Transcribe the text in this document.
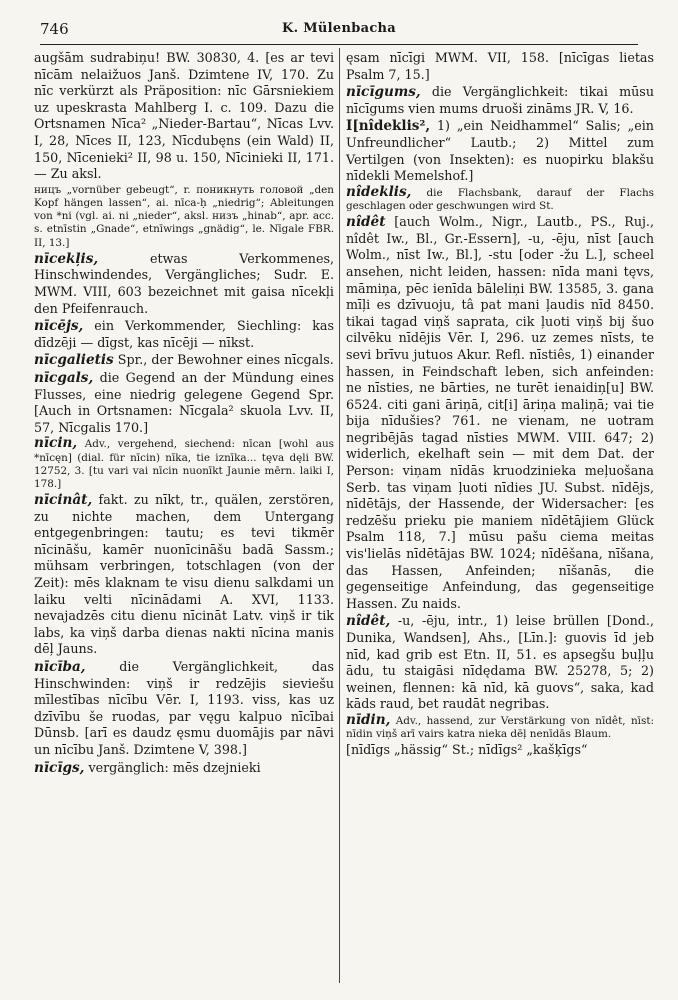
746	K. Mülenbacha

augšām sudrabiņu! BW. 30830, 4. [es ar tevi nīcām nelaižuos Janš. Dzimtene IV, 170. Zu nīc verkürzt als Präposition: nīc Gārsniekiem uz upeskrasta Mahlberg I. c. 109. Dazu die Ortsnamen Nīca² „Nieder-Bartau“, Nīcas Lvv. I, 28, Nīces II, 123, Nīcdubęns (ein Wald) II, 150, Nīcenieki² II, 98 u. 150, Nīcinieki II, 171. — Zu aksl.

ницъ „vornüber gebeugt“, r. поникнуть головой „den Kopf hängen lassen“, ai. nīca-ḥ „niedrig“; Ableitungen von *ni (vgl. ai. ni „nieder“, aksl. низъ „hinab“, apr. acc. s. etnīstin „Gnade“, etnīwings „gnädig“, le. Nīgale FBR. II, 13.]

nīcekļis,	etwas Verkommenes, Hinschwindendes, Vergängliches; Sudr. E. MWM. VIII, 603 bezeichnet mit gaisa nīcekļi den Pfeifenrauch.

nīcējs, ein Verkommender, Siechling: kas dīdzēji — dīgst, kas nīcēji — nīkst.

nīcgalietis Spr., der Bewohner eines nīcgals.

nīcgals, die Gegend an der Mündung eines Flusses, eine niedrig gelegene Gegend Spr. [Auch in Ortsnamen: Nīcgala² skuola Lvv. II, 57, Nīcgalis 170.]

nīcin, Adv., vergehend, siechend: nīcan [wohl aus *nīcęn] (dial. für nīcin) nīka, tie iznīka... tęva dęli BW. 12752, 3. [tu vari vai nīcin nuonīkt Jaunie mērn. laiki I, 178.]

nīcinât, fakt. zu nīkt, tr., quälen, zerstören, zu nichte machen, dem Untergang entgegenbringen: tautu; es tevi tikmēr nīcināšu, kamēr nuonīcināšu badā Sassm.; mühsam verbringen, totschlagen (von der Zeit): mēs klaknam te visu dienu salkdami un laiku velti nīcinādami A. XVI, 1133. nevajadzēs citu dienu nīcināt Latv. viņš ir tik labs, ka viņš darba dienas nakti nīcina manis dēļ Jauns.

nīcība,	die Vergänglichkeit, das Hinschwinden: viņš ir redzējis sieviešu mīlestības nīcību Vēr. I, 1193. viss, kas uz dzīvību še ruodas, par vęgu kalpuo nīcībai Dūnsb. [arī es daudz ęsmu duomājis par nāvi un nīcību Janš. Dzimtene V, 398.]

nīcīgs, vergänglich: mēs dzejnieki

ęsam nīcīgi MWM. VII, 158. [nīcīgas lietas Psalm 7, 15.]

nīcīgums, die Vergänglichkeit: tikai mūsu nīcīgums vien mums druoši zināms JR. V, 16.

I[nîdeklis², 1) „ein Neidhammel“ Salis; „ein Unfreundlicher“ Lautb.; 2) Mittel zum Vertilgen (von Insekten): es nuopirku blakšu nīdekli Memelshof.]

nîdeklis, die Flachsbank, darauf der Flachs geschlagen oder geschwungen wird St.

nîdêt [auch Wolm., Nigr., Lautb., PS., Ruj., nîdêt Iw., Bl., Gr.-Essern], -u, -ēju, nīst [auch Wolm., nīst Iw., Bl.], -stu [oder -žu L.], scheel ansehen, nicht leiden, hassen: nīda mani tęvs, māmiņa, pēc ienīda bāleliņi BW. 13585, 3. gana mīļi es dzīvuoju, tâ pat mani ļaudis nīd 8450. tikai tagad viņš saprata, cik ļuoti viņš bij šuo cilvēku nīdējis Vēr. I, 296. uz zemes nīsts, te sevi brīvu jutuos Akur. Refl. nīstiês, 1) einander hassen, in Feindschaft leben, sich anfeinden: ne nīsties, ne bārties, ne turēt ienaidiņ[u] BW. 6524. citi gani āriņā, cit[i] āriņa maliņā; vai tie bija nīdušies? 761. ne vienam, ne uotram negribējās tagad nīsties MWM. VIII. 647; 2) widerlich, ekelhaft sein — mit dem Dat. der Person: viņam nīdās kruodzinieka meļuošana Serb. tas viņam ļuoti nīdies JU. Subst. nīdējs, nīdētājs, der Hassende, der Widersacher: [es redzēšu prieku pie maniem nīdētājiem Glück Psalm 118, 7.] mūsu pašu ciema meitas vis'lielās nīdētājas BW. 1024; nīdēšana, nīšana, das Hassen, Anfeinden; nīšanās, die gegenseitige Anfeindung, das gegenseitige Hassen. Zu naids.

nîdêt, -u, -ēju, intr., 1) leise brüllen [Dond., Dunika, Wandsen], Ahs., [Līn.]: guovis īd jeb nīd, kad grib est Etn. II, 51. es apsegšu buļļu ādu, tu staigāsi nīdędama BW. 25278, 5; 2) weinen, flennen: kā nīd, kā guovs“, saka, kad kāds raud, bet raudāt negribas.

nīdin, Adv., hassend, zur Verstärkung von nīdêt, nīst: nīdin viņš arī vairs katra nieka dēļ nenīdās Blaum.

[nīdīgs „hässig“ St.; nīdīgs² „kašķīgs“
